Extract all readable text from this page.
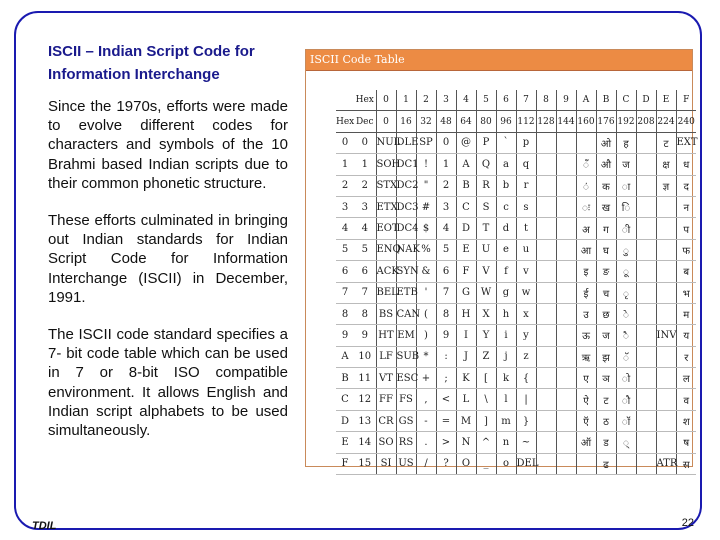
ISCII – Indian Script Code for Information Interchange

Since the 1970s, efforts were made to evolve different codes for characters and symbols of the 10 Brahmi based Indian scripts due to their common phonetic structure.

These efforts culminated in bringing out Indian standards for Indian Script Code for Information Interchange (ISCII) in December, 1991.

The ISCII code standard specifies a 7- bit code table which can be used in 7 or 8-bit ISO compatible environment. It allows English and Indian script alphabets to be used simultaneously.

ISCII Code Table
	Hex	0	1	2	3	4	5	6	7	8	9	A	B	C	D	E	F
Hex	Dec	0	16	32	48	64	80	96	112	128	144	160	176	192	208	224	240
0	0	NUL	DLE	SP	0	@	P	`	p				ओ	ह		ट	EXT
1	1	SOH	DC1	!	1	A	Q	a	q			ँ	औ	ज		क्ष	ध
2	2	STX	DC2	"	2	B	R	b	r			ं	क	ा		ज्ञ	द
3	3	ETX	DC3	#	3	C	S	c	s			ः	ख	ि			न
4	4	EOT	DC4	$	4	D	T	d	t			अ	ग	ी			प
5	5	ENQ	NAK	%	5	E	U	e	u			आ	घ	ु			फ
6	6	ACK	SYN	&	6	F	V	f	v			इ	ङ	ू			ब
7	7	BEL	ETB	'	7	G	W	g	w			ई	च	ृ			भ
8	8	BS	CAN	(	8	H	X	h	x			उ	छ	े			म
9	9	HT	EM	)	9	I	Y	i	y			ऊ	ज	ै		INV	य
A	10	LF	SUB	*	:	J	Z	j	z			ऋ	झ	ॅ			र
B	11	VT	ESC	+	;	K	[	k	{			ए	ञ	ो			ल
C	12	FF	FS	,	<	L	\	l	|			ऐ	ट	ौ			व
D	13	CR	GS	-	=	M	]	m	}			ऍ	ठ	ॉ			श
E	14	SO	RS	.	>	N	^	n	~			ऑ	ड	्			ष
F	15	SI	US	/	?	O	_	o	DEL				ढ			ATR	स
TDIL	22
